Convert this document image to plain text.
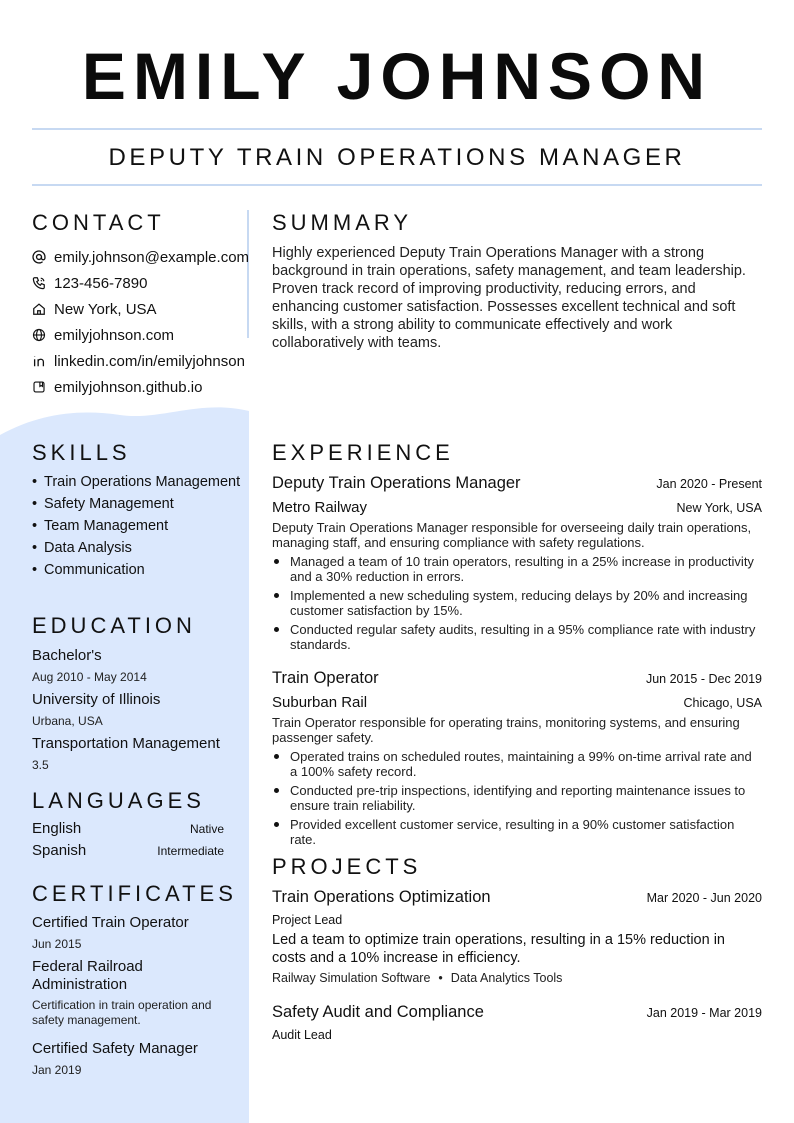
EMILY JOHNSON
DEPUTY TRAIN OPERATIONS MANAGER
CONTACT
emily.johnson@example.com
123-456-7890
New York, USA
emilyjohnson.com
linkedin.com/in/emilyjohnson
emilyjohnson.github.io
SUMMARY
Highly experienced Deputy Train Operations Manager with a strong background in train operations, safety management, and team leadership. Proven track record of improving productivity, reducing errors, and enhancing customer satisfaction. Possesses excellent technical and soft skills, with a strong ability to communicate effectively and work collaboratively with teams.
SKILLS
• Train Operations Management
• Safety Management
• Team Management
• Data Analysis
• Communication
EDUCATION
Bachelor's
Aug 2010 - May 2014
University of Illinois
Urbana, USA
Transportation Management
3.5
LANGUAGES
English	Native
Spanish	Intermediate
CERTIFICATES
Certified Train Operator
Jun 2015
Federal Railroad Administration
Certification in train operation and safety management.
Certified Safety Manager
Jan 2019
EXPERIENCE
Deputy Train Operations Manager	Jan 2020 - Present
Metro Railway	New York, USA
Deputy Train Operations Manager responsible for overseeing daily train operations, managing staff, and ensuring compliance with safety regulations.
Managed a team of 10 train operators, resulting in a 25% increase in productivity and a 30% reduction in errors.
Implemented a new scheduling system, reducing delays by 20% and increasing customer satisfaction by 15%.
Conducted regular safety audits, resulting in a 95% compliance rate with industry standards.
Train Operator	Jun 2015 - Dec 2019
Suburban Rail	Chicago, USA
Train Operator responsible for operating trains, monitoring systems, and ensuring passenger safety.
Operated trains on scheduled routes, maintaining a 99% on-time arrival rate and a 100% safety record.
Conducted pre-trip inspections, identifying and reporting maintenance issues to ensure train reliability.
Provided excellent customer service, resulting in a 90% customer satisfaction rate.
PROJECTS
Train Operations Optimization	Mar 2020 - Jun 2020
Project Lead
Led a team to optimize train operations, resulting in a 15% reduction in costs and a 10% increase in efficiency.
Railway Simulation Software • Data Analytics Tools
Safety Audit and Compliance	Jan 2019 - Mar 2019
Audit Lead
